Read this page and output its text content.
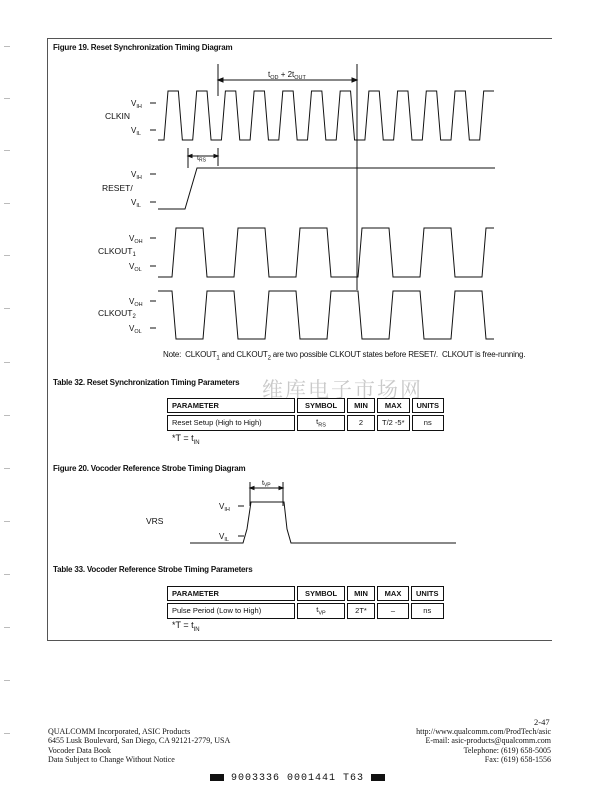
维库电子市场网
Figure 19. Reset Synchronization Timing Diagram
CLKIN
RESET/
$CLKOUT_1$
$CLKOUT_2$
$V_{IH}$
$V_{IL}$
$V_{IH}$
$V_{IL}$
$V_{OH}$
$V_{OL}$
$V_{OH}$
$V_{OL}$
$t_{OD} + 2t_{OUT}$
$t_{RS}$
Note:  $CLKOUT_1$ and $CLKOUT_2$ are two possible CLKOUT states before RESET/.  CLKOUT is free-running.
Table 32. Reset Synchronization Timing Parameters
PARAMETER	SYMBOL	MIN	MAX	UNITS
Reset Setup (High to High)	$t_{RS}$	2	T/2 -5*	ns
$*T = t_{IN}$
Figure 20. Vocoder Reference Strobe Timing Diagram
VRS
$V_{IH}$
$V_{IL}$
$t_{VP}$
Table 33. Vocoder Reference Strobe Timing Parameters
PARAMETER	SYMBOL	MIN	MAX	UNITS
Pulse Period (Low to High)	$t_{VP}$	2T*	–	ns
$*T = t_{IN}$
2-47
QUALCOMM Incorporated, ASIC Products
6455 Lusk Boulevard, San Diego, CA 92121-2779, USA
Vocoder Data Book
Data Subject to Change Without Notice
http://www.qualcomm.com/ProdTech/asic
E-mail: asic-products@qualcomm.com
Telephone: (619) 658-5005
Fax: (619) 658-1556
9003336 0001441 T63
